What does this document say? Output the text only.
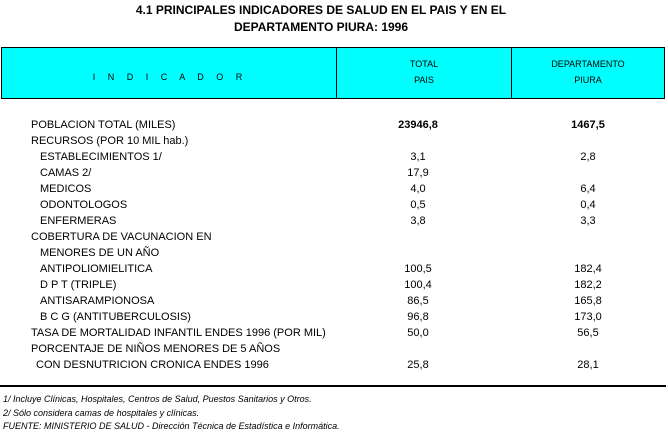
4.1 PRINCIPALES INDICADORES DE SALUD EN EL PAIS Y EN EL
DEPARTAMENTO PIURA: 1996
I N D I C A D O R
TOTAL
PAIS
DEPARTAMENTO
PIURA
POBLACION TOTAL (MILES)	23946,8	1467,5
RECURSOS (POR 10 MIL hab.)
ESTABLECIMIENTOS 1/	3,1	2,8
CAMAS 2/	17,9
MEDICOS	4,0	6,4
ODONTOLOGOS	0,5	0,4
ENFERMERAS	3,8	3,3
COBERTURA DE VACUNACION EN
MENORES DE UN AÑO
ANTIPOLIOMIELITICA	100,5	182,4
D P T (TRIPLE)	100,4	182,2
ANTISARAMPIONOSA	86,5	165,8
B C G (ANTITUBERCULOSIS)	96,8	173,0
TASA DE MORTALIDAD INFANTIL ENDES 1996 (POR MIL)	50,0	56,5
PORCENTAJE DE NIÑOS MENORES DE 5 AÑOS
CON DESNUTRICION CRONICA ENDES 1996	25,8	28,1
1/ Incluye Clínicas, Hospitales, Centros de Salud, Puestos Sanitarios y Otros.
2/ Sólo considera camas de hospitales y clínicas.
FUENTE: MINISTERIO DE SALUD - Dirección Técnica de Estadística e Informática.
